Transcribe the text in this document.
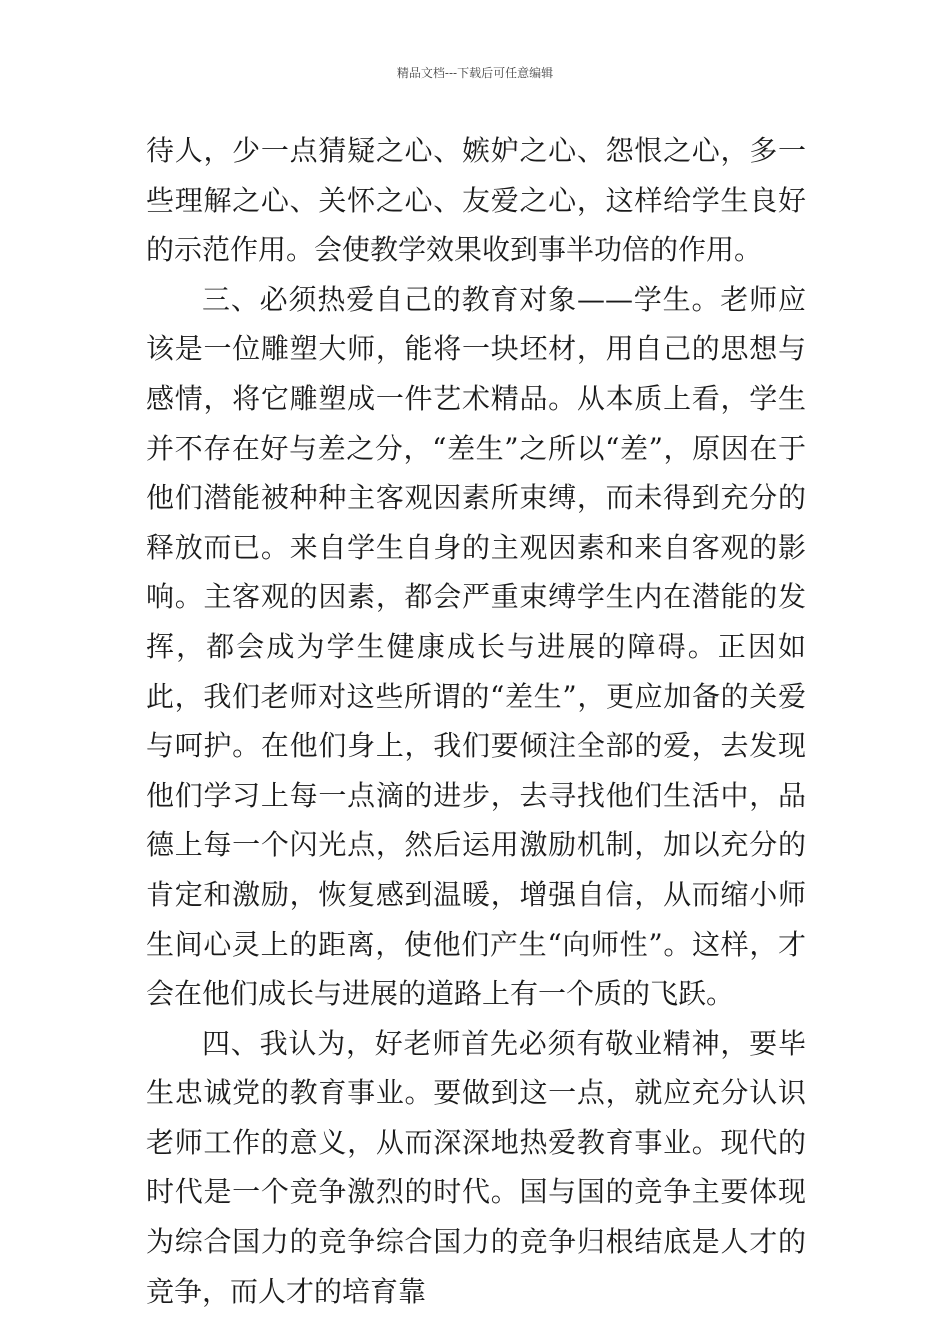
精品文档---下载后可任意编辑

待人，少一点猜疑之心、嫉妒之心、怨恨之心，多一些理解之心、关怀之心、友爱之心，这样给学生良好的示范作用。会使教学效果收到事半功倍的作用。

三、必须热爱自己的教育对象——学生。老师应该是一位雕塑大师，能将一块坯材，用自己的思想与感情，将它雕塑成一件艺术精品。从本质上看，学生并不存在好与差之分，“差生”之所以“差”，原因在于他们潜能被种种主客观因素所束缚，而未得到充分的释放而已。来自学生自身的主观因素和来自客观的影响。主客观的因素，都会严重束缚学生内在潜能的发挥，都会成为学生健康成长与进展的障碍。正因如此，我们老师对这些所谓的“差生”，更应加备的关爱与呵护。在他们身上，我们要倾注全部的爱，去发现他们学习上每一点滴的进步，去寻找他们生活中，品德上每一个闪光点，然后运用激励机制，加以充分的肯定和激励，恢复感到温暖，增强自信，从而缩小师生间心灵上的距离，使他们产生“向师性”。这样，才会在他们成长与进展的道路上有一个质的飞跃。

四、我认为，好老师首先必须有敬业精神，要毕生忠诚党的教育事业。要做到这一点，就应充分认识老师工作的意义，从而深深地热爱教育事业。现代的时代是一个竞争激烈的时代。国与国的竞争主要体现为综合国力的竞争综合国力的竞争归根结底是人才的竞争，而人才的培育靠
